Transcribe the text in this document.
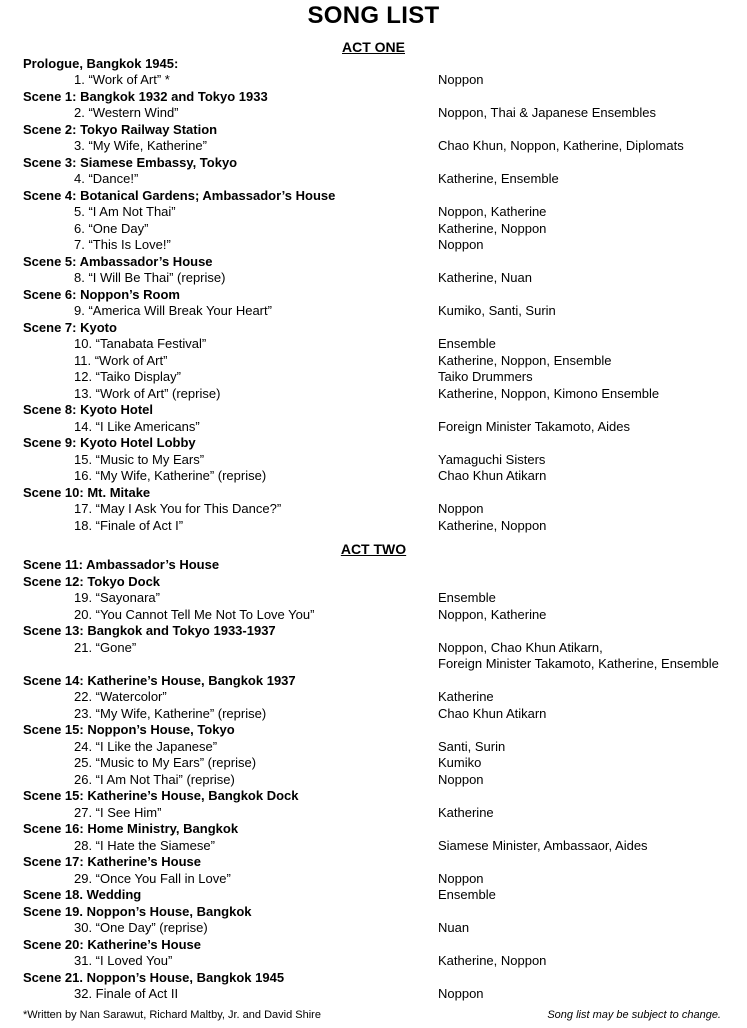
SONG LIST
ACT ONE
Prologue, Bangkok 1945:
1. “Work of Art” *	Noppon
Scene 1: Bangkok 1932 and Tokyo 1933
2. “Western Wind”	Noppon, Thai & Japanese Ensembles
Scene 2: Tokyo Railway Station
3. “My Wife, Katherine”	Chao Khun, Noppon, Katherine, Diplomats
Scene 3: Siamese Embassy, Tokyo
4. “Dance!”	Katherine, Ensemble
Scene 4: Botanical Gardens; Ambassador’s House
5. “I Am Not Thai”	Noppon, Katherine
6. “One Day”	Katherine, Noppon
7. “This Is Love!”	Noppon
Scene 5: Ambassador’s House
8. “I Will Be Thai” (reprise)	Katherine, Nuan
Scene 6: Noppon’s Room
9. “America Will Break Your Heart”	Kumiko, Santi, Surin
Scene 7: Kyoto
10. “Tanabata Festival”	Ensemble
11. “Work of Art”	Katherine, Noppon, Ensemble
12. “Taiko Display”	Taiko Drummers
13. “Work of Art” (reprise)	Katherine, Noppon, Kimono Ensemble
Scene 8: Kyoto Hotel
14. “I Like Americans”	Foreign Minister Takamoto, Aides
Scene 9: Kyoto Hotel Lobby
15. “Music to My Ears”	Yamaguchi Sisters
16. “My Wife, Katherine” (reprise)	Chao Khun Atikarn
Scene 10: Mt. Mitake
17. “May I Ask You for This Dance?”	Noppon
18. “Finale of Act I”	Katherine, Noppon
ACT TWO
Scene 11: Ambassador’s House
Scene 12: Tokyo Dock
19. “Sayonara”	Ensemble
20. “You Cannot Tell Me Not To Love You”	Noppon, Katherine
Scene 13: Bangkok and Tokyo 1933-1937
21. “Gone”	Noppon, Chao Khun Atikarn,
Foreign Minister Takamoto, Katherine, Ensemble
Scene 14: Katherine’s House, Bangkok 1937
22. “Watercolor”	Katherine
23. “My Wife, Katherine” (reprise)	Chao Khun Atikarn
Scene 15: Noppon’s House, Tokyo
24. “I Like the Japanese”	Santi, Surin
25. “Music to My Ears” (reprise)	Kumiko
26. “I Am Not Thai” (reprise)	Noppon
Scene 15: Katherine’s House, Bangkok Dock
27. “I See Him”	Katherine
Scene 16: Home Ministry, Bangkok
28. “I Hate the Siamese”	Siamese Minister, Ambassaor, Aides
Scene 17: Katherine’s House
29. “Once You Fall in Love”	Noppon
Scene 18. Wedding	Ensemble
Scene 19. Noppon’s House, Bangkok
30. “One Day” (reprise)	Nuan
Scene 20: Katherine’s House
31. “I Loved You”	Katherine, Noppon
Scene 21. Noppon’s House, Bangkok 1945
32. Finale of Act II	Noppon
*Written by Nan Sarawut, Richard Maltby, Jr. and David Shire	Song list may be subject to change.
